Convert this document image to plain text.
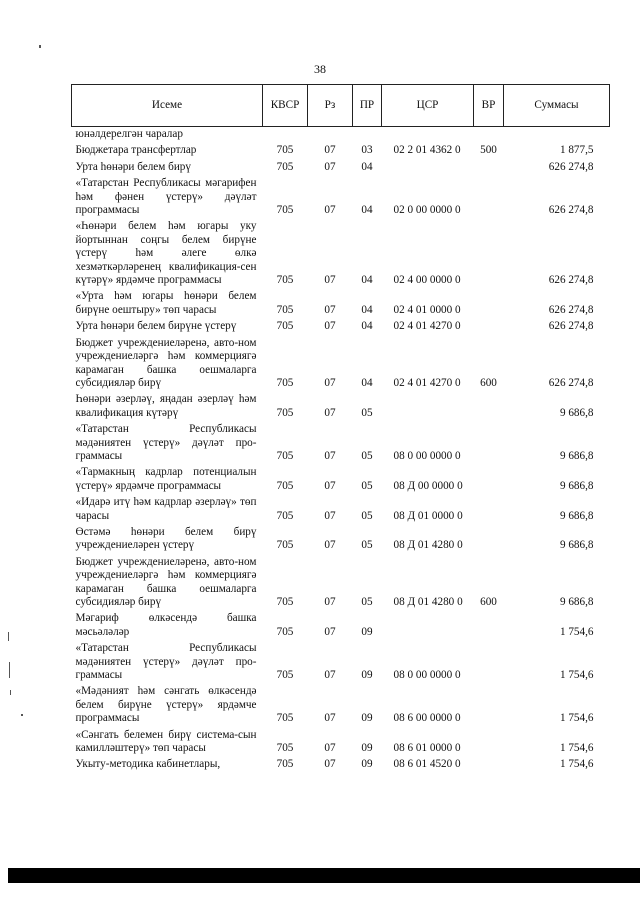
38
Исеме	КВСР	Рз	ПР	ЦСР	ВР	Суммасы
юнәлдерелгән чаралар						
Бюджетара трансфертлар	705	07	03	02 2 01 4362 0	500	1 877,5
Урта һөнәри белем бирү	705	07	04			626 274,8
«Татарстан Республикасы мәгарифен һәм фәнен үстерү» дәүләт программасы	705	07	04	02 0 00 0000 0		626 274,8
«Һөнәри белем һәм югары уку йортыннан соңгы белем бирүне үстерү һәм әлеге өлкә хезмәткәрләренең квалификация-сен күтәрү» ярдәмче программасы	705	07	04	02 4 00 0000 0		626 274,8
«Урта һәм югары һөнәри белем бирүне оештыру» төп чарасы	705	07	04	02 4 01 0000 0		626 274,8
Урта һөнәри белем бирүне үстерү	705	07	04	02 4 01 4270 0		626 274,8
Бюджет учреждениеләренә, авто-ном учреждениеләргә һәм коммерциягә карамаган башка оешмаларга субсидияләр бирү	705	07	04	02 4 01 4270 0	600	626 274,8
Һөнәри әзерләү, яңадан әзерләү һәм квалификация күтәрү	705	07	05			9 686,8
«Татарстан Республикасы мәдәниятен үстерү» дәүләт про-граммасы	705	07	05	08 0 00 0000 0		9 686,8
«Тармакның кадрлар потенциалын үстерү» ярдәмче программасы	705	07	05	08 Д 00 0000 0		9 686,8
«Идарә итү һәм кадрлар әзерләү» төп чарасы	705	07	05	08 Д 01 0000 0		9 686,8
Өстәмә һөнәри белем бирү учреждениеләрен үстерү	705	07	05	08 Д 01 4280 0		9 686,8
Бюджет учреждениеләренә, авто-ном учреждениеләргә һәм коммерциягә карамаган башка оешмаларга субсидияләр бирү	705	07	05	08 Д 01 4280 0	600	9 686,8
Мәгариф өлкәсендә башка мәсьәләләр	705	07	09			1 754,6
«Татарстан Республикасы мәдәниятен үстерү» дәүләт про-граммасы	705	07	09	08 0 00 0000 0		1 754,6
«Мәдәният һәм сәнгать өлкәсендә белем бирүне үстерү» ярдәмче программасы	705	07	09	08 6 00 0000 0		1 754,6
«Сәнгать белемен бирү система-сын камилләштерү» төп чарасы	705	07	09	08 6 01 0000 0		1 754,6
Укыту-методика кабинетлары,	705	07	09	08 6 01 4520 0		1 754,6
